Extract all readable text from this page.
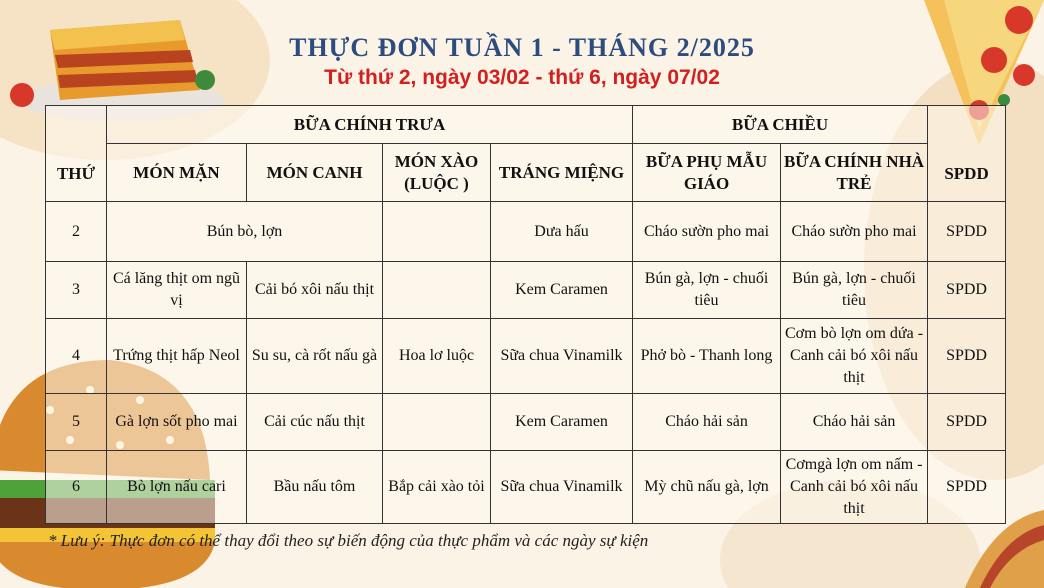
THỰC ĐƠN TUẦN 1 - THÁNG 2/2025
Từ thứ 2, ngày 03/02 - thứ 6, ngày 07/02
THỨ	BỮA CHÍNH TRƯA				BỮA CHIỀU		SPDD
	MÓN MẶN	MÓN CANH	MÓN XÀO (LUỘC )	TRÁNG MIỆNG	BỮA PHỤ MẪU GIÁO	BỮA CHÍNH NHÀ TRẺ	
2	Bún bò, lợn			Dưa hấu	Cháo sườn pho mai	Cháo sườn pho mai	SPDD
3	Cá lăng thịt om ngũ vị	Cải bó xôi nấu thịt		Kem Caramen	Bún gà, lợn - chuối tiêu	Bún gà, lợn - chuối tiêu	SPDD
4	Trứng thịt hấp Neol	Su su, cà rốt nấu gà	Hoa lơ luộc	Sữa chua Vinamilk	Phở bò - Thanh long	Cơm bò lợn om dứa - Canh cải bó xôi nấu thịt	SPDD
5	Gà lợn sốt pho mai	Cải cúc nấu thịt		Kem Caramen	Cháo hải sản	Cháo hải sản	SPDD
6	Bò lợn nấu cari	Bầu nấu tôm	Bắp cải xào tỏi	Sữa chua Vinamilk	Mỳ chũ nấu gà, lợn	Cơmgà lợn om nấm - Canh cải bó xôi nấu thịt	SPDD
* Lưu ý: Thực đơn có thể thay đổi theo sự biến động của thực phẩm và các ngày sự kiện
